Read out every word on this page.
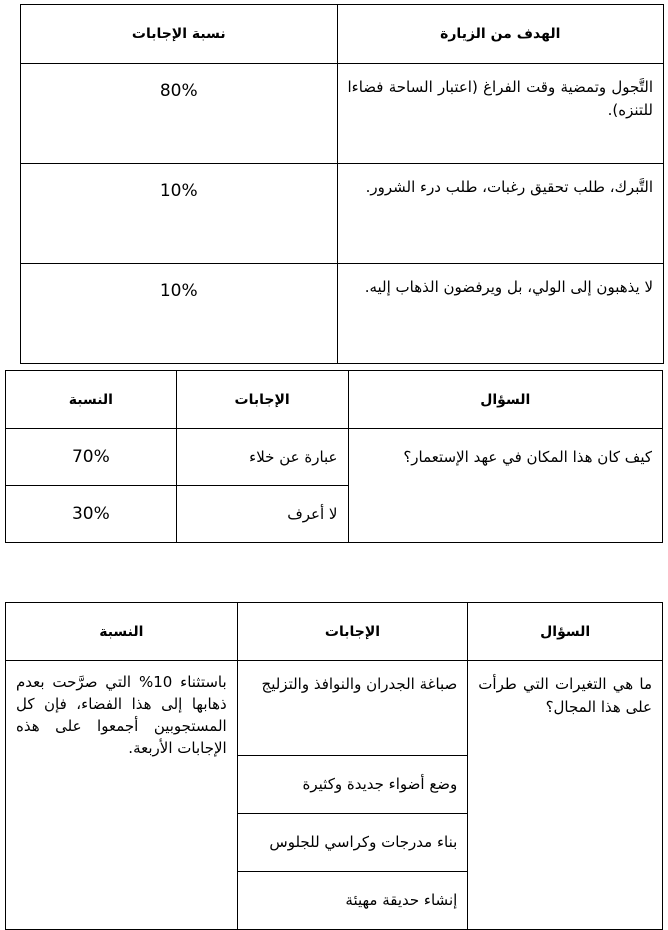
الهدف من الزيارة	نسبة الإجابات
التَّجول وتمضية وقت الفراغ (اعتبار الساحة فضاءا للتنزه).	80%
التَّبرك، طلب تحقيق رغبات، طلب درء الشرور.	10%
لا يذهبون إلى الولي، بل ويرفضون الذهاب إليه.	10%
السؤال	الإجابات	النسبة
كيف كان هذا المكان في عهد الإستعمار؟	عبارة عن خلاء	70%
	لا أعرف	30%
السؤال	الإجابات	النسبة
ما هي التغيرات التي طرأت على هذا المجال؟	صباغة الجدران والنوافذ والتزليج	باستثناء 10% التي صرَّحت بعدم ذهابها إلى هذا الفضاء، فإن كل المستجوبين أجمعوا على هذه الإجابات الأربعة.
	وضع أضواء جديدة وكثيرة	
	بناء مدرجات وكراسي للجلوس	
	إنشاء حديقة مهيئة	
